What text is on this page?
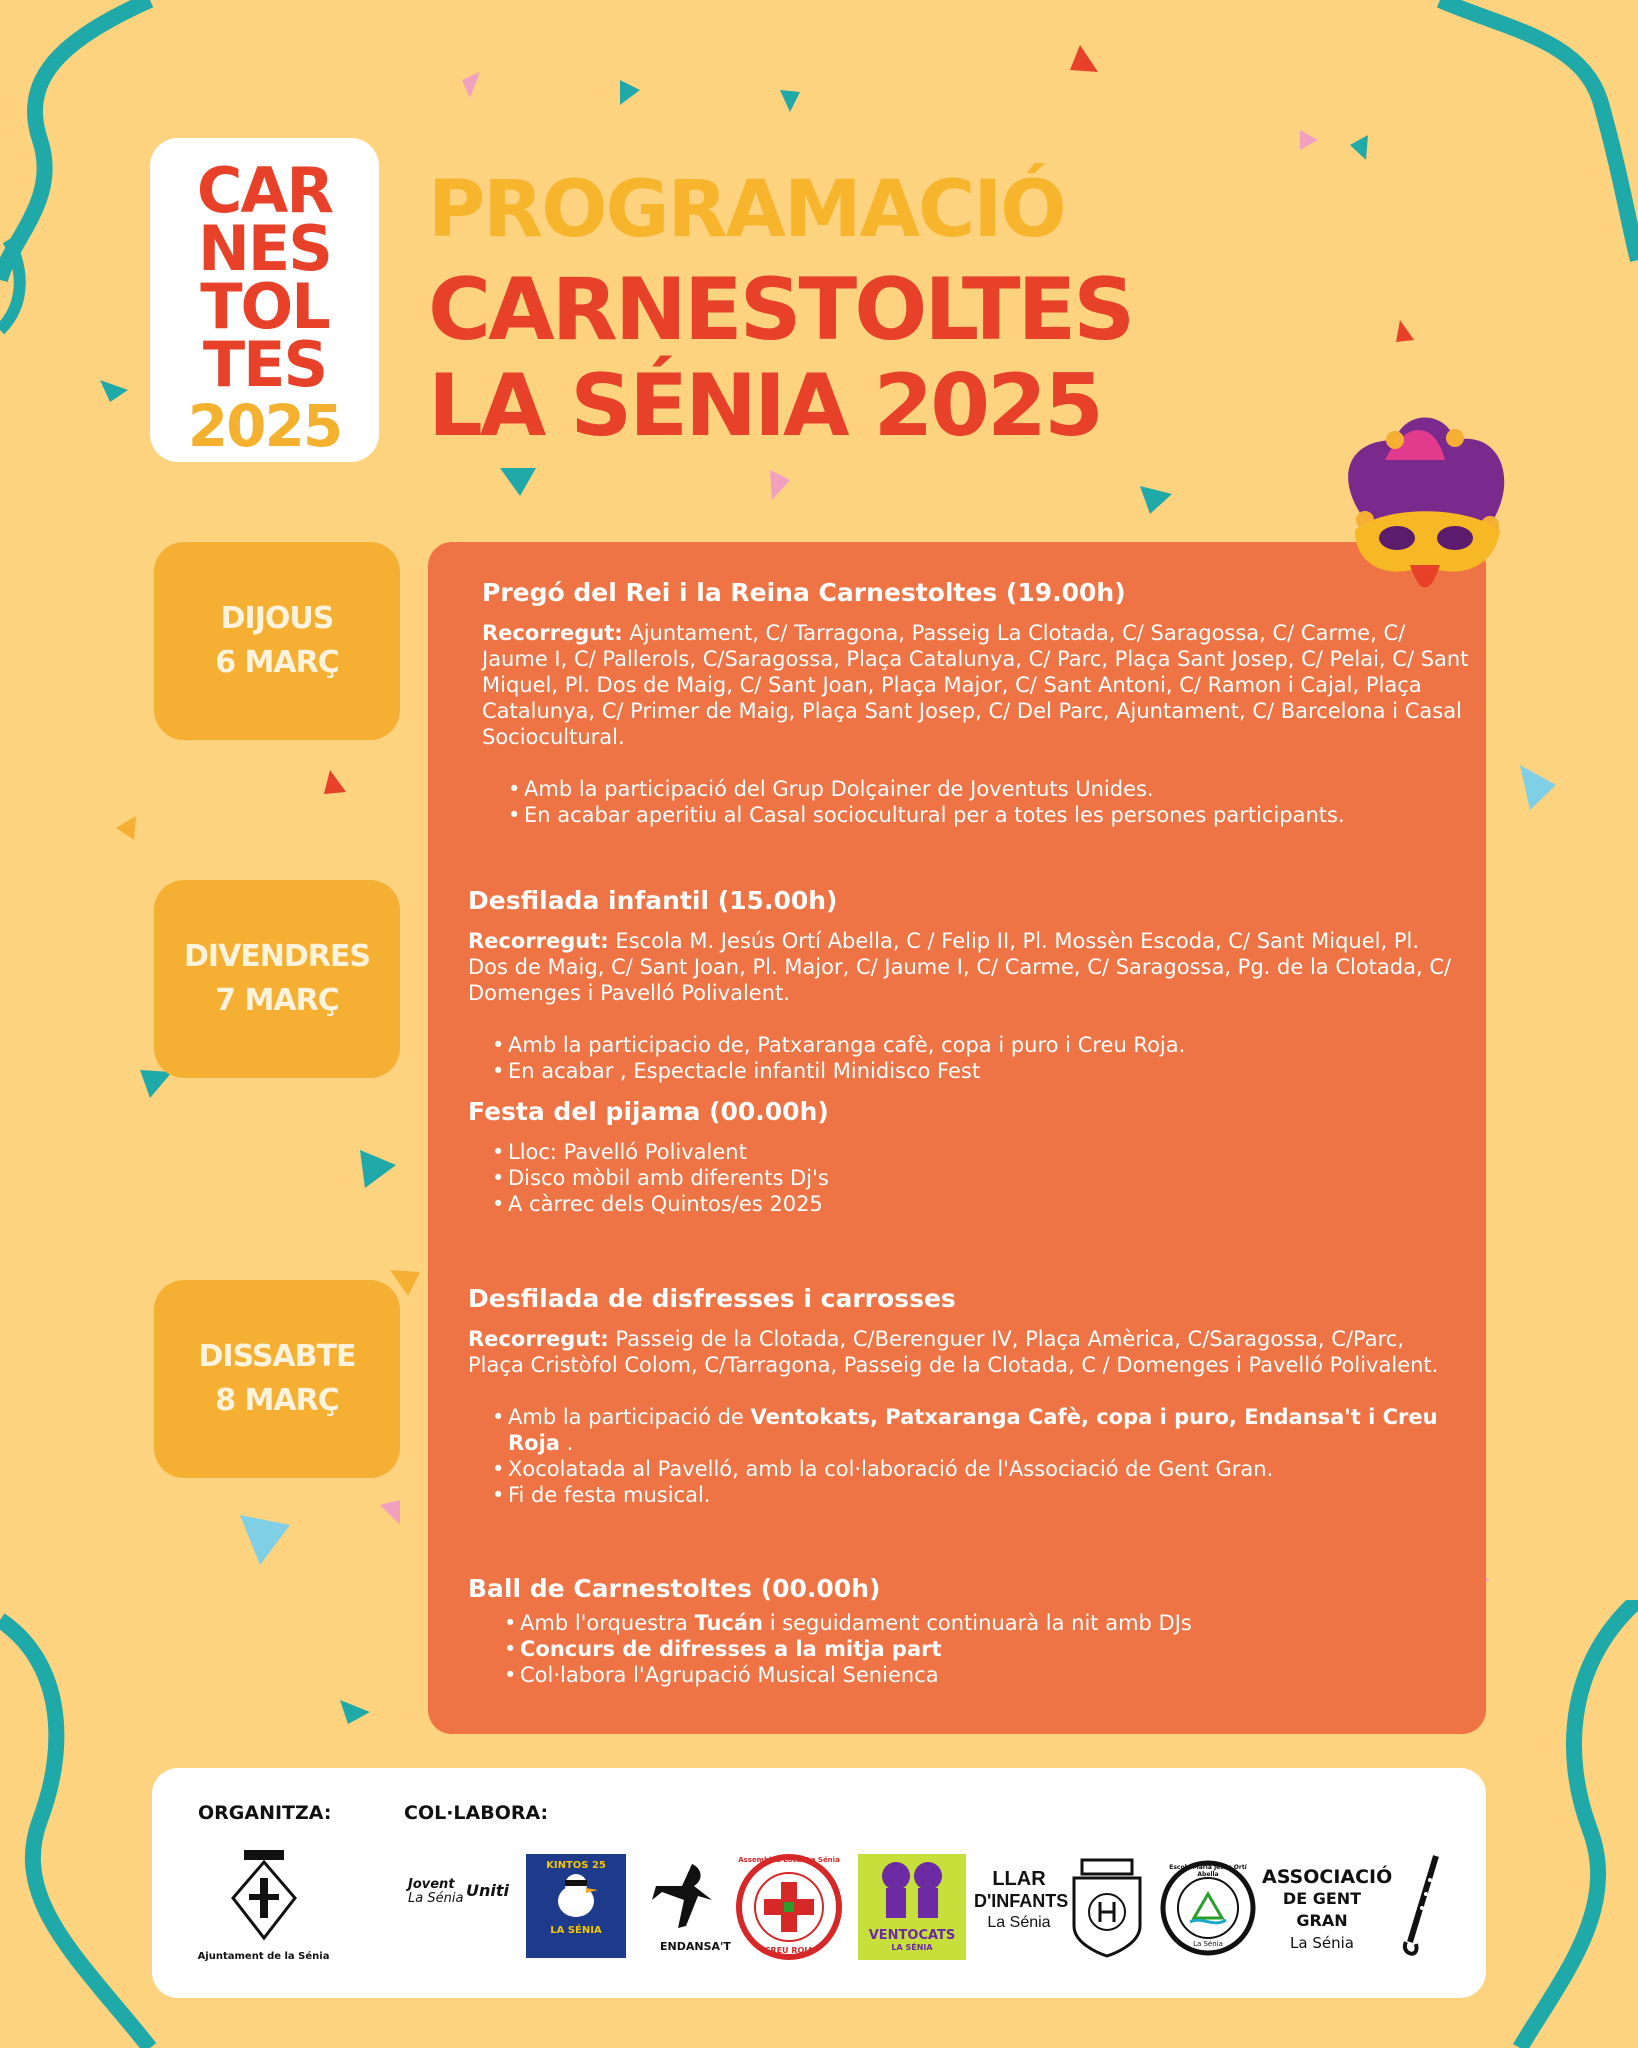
CAR
NES
TOL
TES
2025
PROGRAMACIÓ
CARNESTOLTES
LA SÉNIA 2025
DIJOUS
6 MARÇ
DIVENDRES
7 MARÇ
DISSABTE
8 MARÇ
Pregó del Rei i la Reina Carnestoltes (19.00h)
Recorregut: Ajuntament, C/ Tarragona, Passeig La Clotada, C/ Saragossa, C/ Carme, C/ Jaume I, C/ Pallerols, C/Saragossa, Plaça Catalunya, C/ Parc, Plaça Sant Josep, C/ Pelai, C/ Sant Miquel, Pl. Dos de Maig, C/ Sant Joan, Plaça Major, C/ Sant Antoni, C/ Ramon i Cajal, Plaça Catalunya, C/ Primer de Maig, Plaça Sant Josep, C/ Del Parc, Ajuntament, C/ Barcelona i Casal Sociocultural.
• Amb la participació del Grup Dolçainer de Joventuts Unides.
• En acabar aperitiu al Casal sociocultural per a totes les persones participants.
Desfilada infantil (15.00h)
Recorregut: Escola M. Jesús Ortí Abella, C / Felip II, Pl. Mossèn Escoda, C/ Sant Miquel, Pl. Dos de Maig, C/ Sant Joan, Pl. Major, C/ Jaume I, C/ Carme, C/ Saragossa, Pg. de la Clotada, C/ Domenges i Pavelló Polivalent.
• Amb la participacio de, Patxaranga cafè, copa i puro i Creu Roja.
• En acabar , Espectacle infantil Minidisco Fest
Festa del pijama (00.00h)
• Lloc: Pavelló Polivalent
• Disco mòbil amb diferents Dj's
• A càrrec dels Quintos/es 2025
Desfilada de disfresses i carrosses
Recorregut: Passeig de la Clotada, C/Berenguer IV, Plaça Amèrica, C/Saragossa, C/Parc, Plaça Cristòfol Colom, C/Tarragona, Passeig de la Clotada, C / Domenges i Pavelló Polivalent.
• Amb la participació de Ventokats, Patxaranga Cafè, copa i puro, Endansa't i Creu Roja .
• Xocolatada al Pavelló, amb la col·laboració de l'Associació de Gent Gran.
• Fi de festa musical.
Ball de Carnestoltes (00.00h)
• Amb l'orquestra Tucán i seguidament continuarà la nit amb DJs
• Concurs de difresses a la mitja part
• Col·labora l'Agrupació Musical Senienca
ORGANITZA:	COL·LABORA:
Ajuntament de la Sénia
Jovent
La Sénia Uniti
KINTOS 25
LA SÉNIA
ENDANSA'T
Assemblea Local La Sénia
CREU ROJA
VENTOCATS
LA SÉNIA
LLAR
D'INFANTS
La Sénia
Escola Maria Jesús Ortí Abella
La Sénia
ASSOCIACIÓ
DE GENT GRAN
La Sénia
